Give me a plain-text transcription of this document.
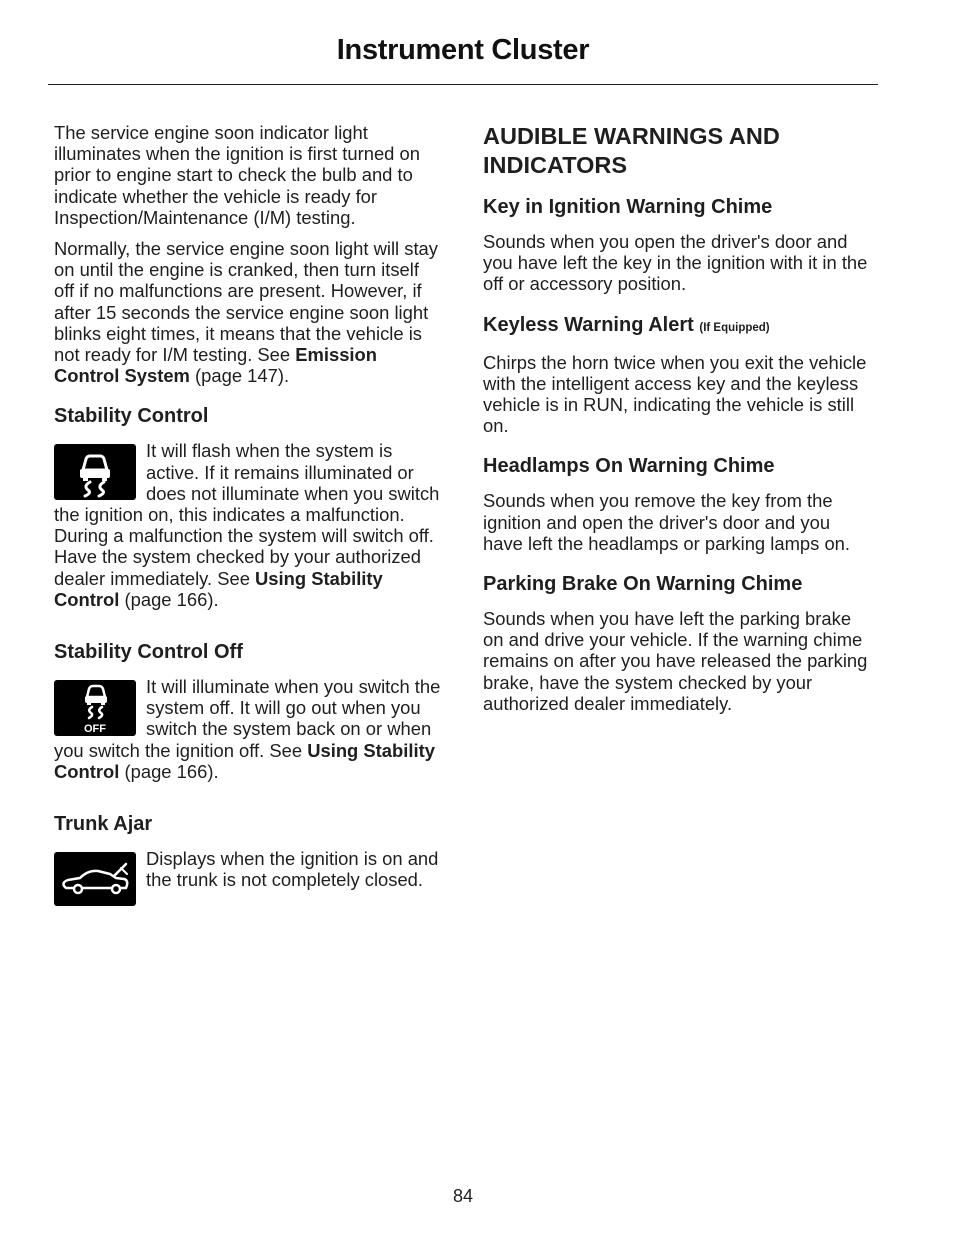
Instrument Cluster

The service engine soon indicator light illuminates when the ignition is first turned on prior to engine start to check the bulb and to indicate whether the vehicle is ready for Inspection/Maintenance (I/M) testing.

Normally, the service engine soon light will stay on until the engine is cranked, then turn itself off if no malfunctions are present. However, if after 15 seconds the service engine soon light blinks eight times, it means that the vehicle is not ready for I/M testing. See Emission Control System (page 147).

Stability Control

It will flash when the system is active. If it remains illuminated or does not illuminate when you switch the ignition on, this indicates a malfunction. During a malfunction the system will switch off. Have the system checked by your authorized dealer immediately. See Using Stability Control (page 166).

Stability Control Off

OFF
It will illuminate when you switch the system off. It will go out when you switch the system back on or when you switch the ignition off. See Using Stability Control (page 166).

Trunk Ajar

Displays when the ignition is on and the trunk is not completely closed.

AUDIBLE WARNINGS AND INDICATORS
Key in Ignition Warning Chime

Sounds when you open the driver's door and you have left the key in the ignition with it in the off or accessory position.

Keyless Warning Alert (If Equipped)

Chirps the horn twice when you exit the vehicle with the intelligent access key and the keyless vehicle is in RUN, indicating the vehicle is still on.

Headlamps On Warning Chime

Sounds when you remove the key from the ignition and open the driver's door and you have left the headlamps or parking lamps on.

Parking Brake On Warning Chime

Sounds when you have left the parking brake on and drive your vehicle. If the warning chime remains on after you have released the parking brake, have the system checked by your authorized dealer immediately.

84
